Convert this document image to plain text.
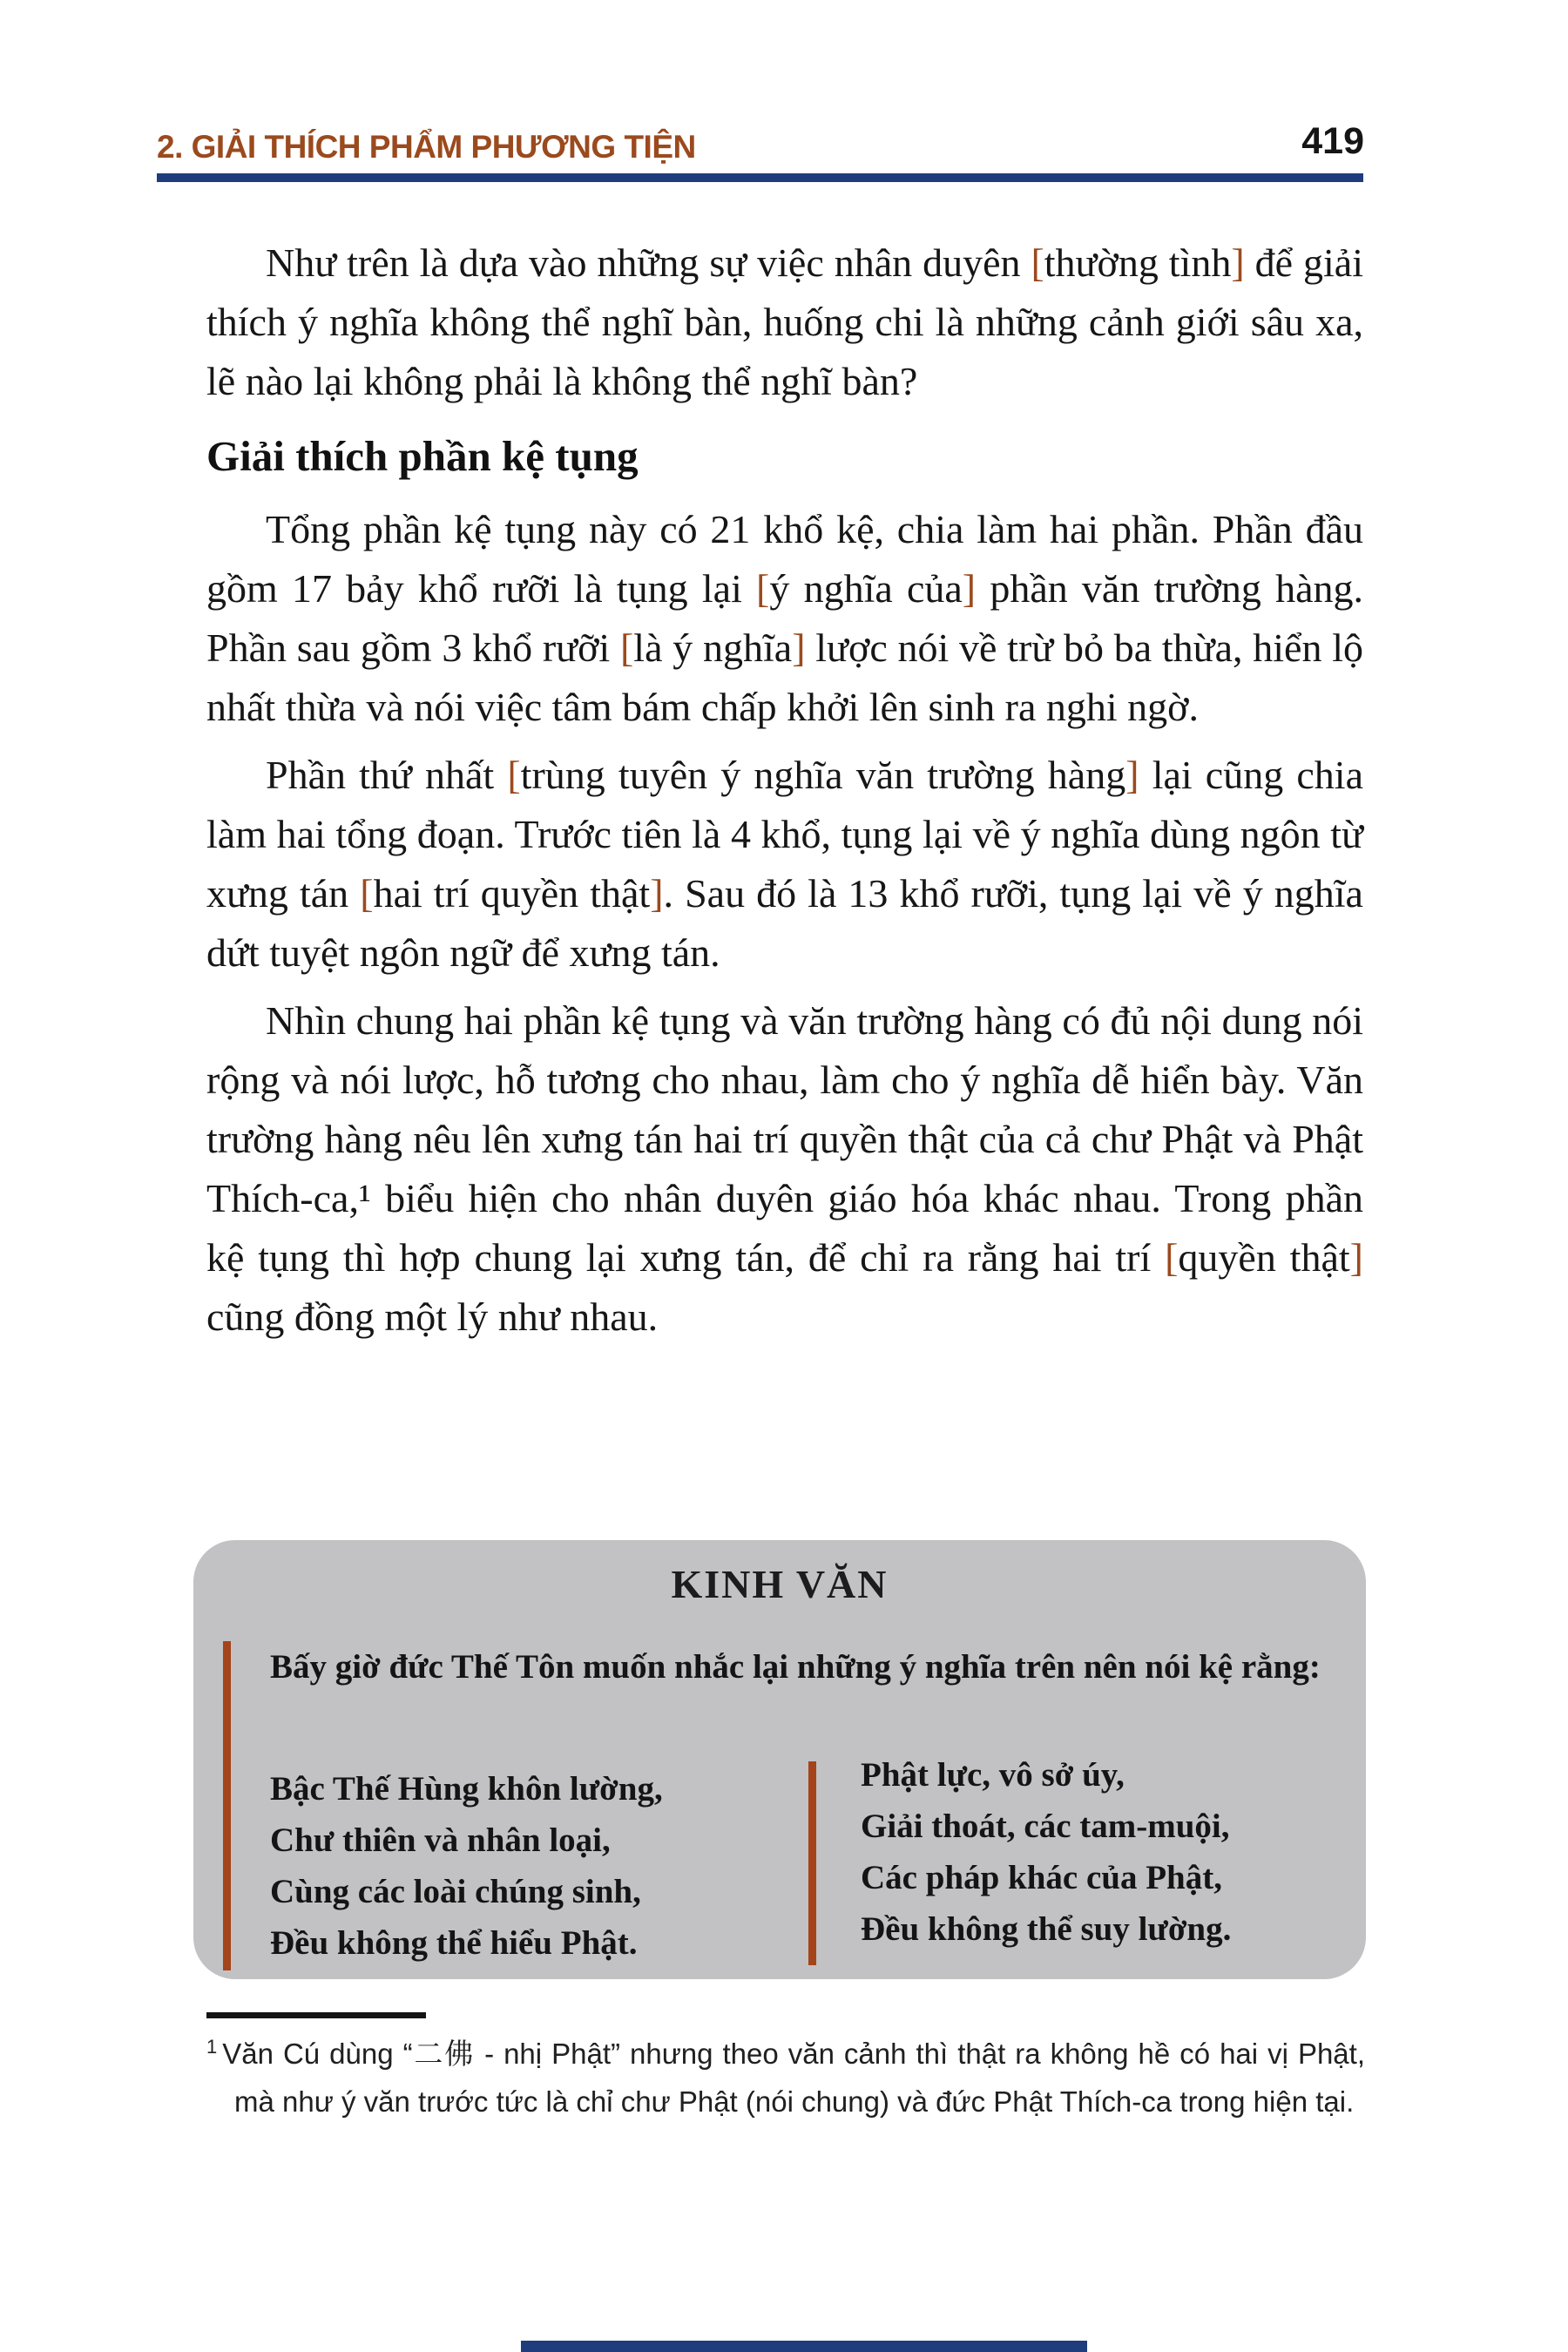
2. GIẢI THÍCH PHẨM PHƯƠNG TIỆN	419

Như trên là dựa vào những sự việc nhân duyên [thường tình] để giải thích ý nghĩa không thể nghĩ bàn, huống chi là những cảnh giới sâu xa, lẽ nào lại không phải là không thể nghĩ bàn?

Giải thích phần kệ tụng

Tổng phần kệ tụng này có 21 khổ kệ, chia làm hai phần. Phần đầu gồm 17 bảy khổ rưỡi là tụng lại [ý nghĩa của] phần văn trường hàng. Phần sau gồm 3 khổ rưỡi [là ý nghĩa] lược nói về trừ bỏ ba thừa, hiển lộ nhất thừa và nói việc tâm bám chấp khởi lên sinh ra nghi ngờ.

Phần thứ nhất [trùng tuyên ý nghĩa văn trường hàng] lại cũng chia làm hai tổng đoạn. Trước tiên là 4 khổ, tụng lại về ý nghĩa dùng ngôn từ xưng tán [hai trí quyền thật]. Sau đó là 13 khổ rưỡi, tụng lại về ý nghĩa dứt tuyệt ngôn ngữ để xưng tán.

Nhìn chung hai phần kệ tụng và văn trường hàng có đủ nội dung nói rộng và nói lược, hỗ tương cho nhau, làm cho ý nghĩa dễ hiển bày. Văn trường hàng nêu lên xưng tán hai trí quyền thật của cả chư Phật và Phật Thích-ca,¹ biểu hiện cho nhân duyên giáo hóa khác nhau. Trong phần kệ tụng thì hợp chung lại xưng tán, để chỉ ra rằng hai trí [quyền thật] cũng đồng một lý như nhau.

KINH VĂN
Bấy giờ đức Thế Tôn muốn nhắc lại những ý nghĩa trên nên nói kệ rằng:
Bậc Thế Hùng khôn lường,
Chư thiên và nhân loại,
Cùng các loài chúng sinh,
Đều không thể hiểu Phật.
Phật lực, vô sở úy,
Giải thoát, các tam-muội,
Các pháp khác của Phật,
Đều không thể suy lường.
$^1$ Văn Cú dùng “二佛 - nhị Phật” nhưng theo văn cảnh thì thật ra không hề có hai vị Phật, mà như ý văn trước tức là chỉ chư Phật (nói chung) và đức Phật Thích-ca trong hiện tại.
